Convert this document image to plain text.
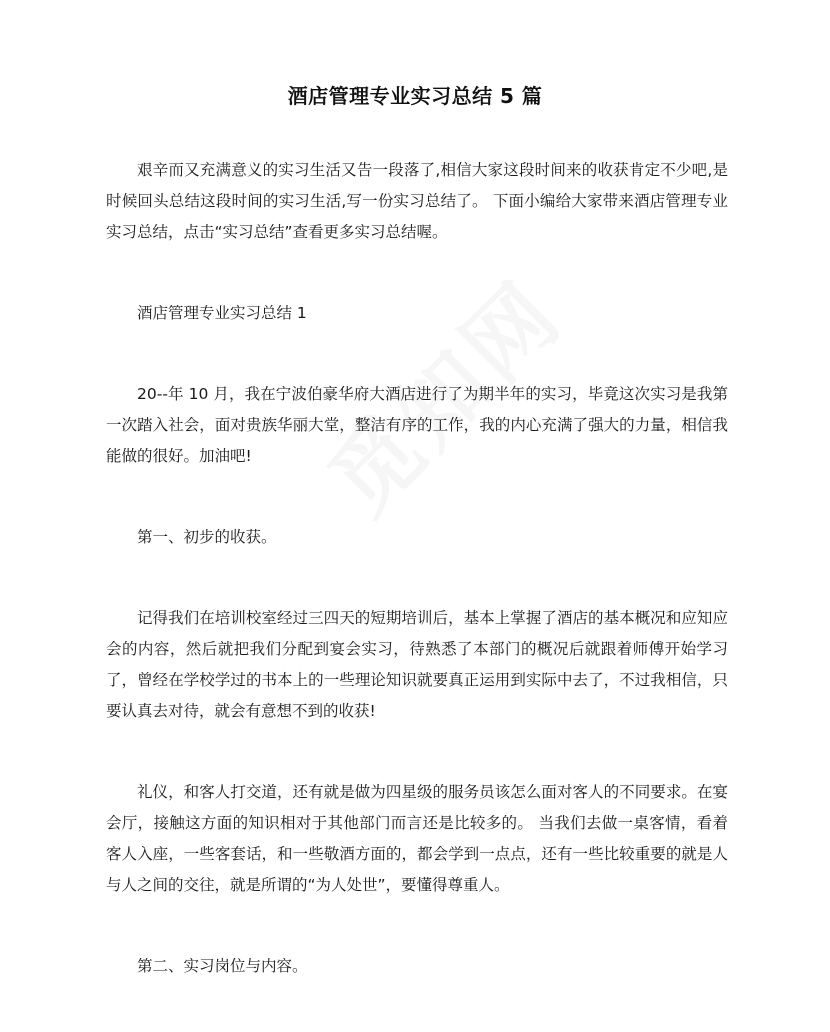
酒店管理专业实习总结 5 篇

艰辛而又充满意义的实习生活又告一段落了,相信大家这段时间来的收获肯定不少吧,是时候回头总结这段时间的实习生活,写一份实习总结了。 下面小编给大家带来酒店管理专业实习总结，点击“实习总结”查看更多实习总结喔。

酒店管理专业实习总结 1

20--年 10 月，我在宁波伯豪华府大酒店进行了为期半年的实习，毕竟这次实习是我第一次踏入社会，面对贵族华丽大堂，整洁有序的工作，我的内心充满了强大的力量，相信我能做的很好。加油吧!

第一、初步的收获。

记得我们在培训校室经过三四天的短期培训后，基本上掌握了酒店的基本概况和应知应会的内容，然后就把我们分配到宴会实习，待熟悉了本部门的概况后就跟着师傅开始学习了，曾经在学校学过的书本上的一些理论知识就要真正运用到实际中去了，不过我相信，只要认真去对待，就会有意想不到的收获!

礼仪，和客人打交道，还有就是做为四星级的服务员该怎么面对客人的不同要求。在宴会厅，接触这方面的知识相对于其他部门而言还是比较多的。 当我们去做一桌客情，看着客人入座，一些客套话，和一些敬酒方面的，都会学到一点点，还有一些比较重要的就是人与人之间的交往，就是所谓的“为人处世”，要懂得尊重人。

第二、实习岗位与内容。
